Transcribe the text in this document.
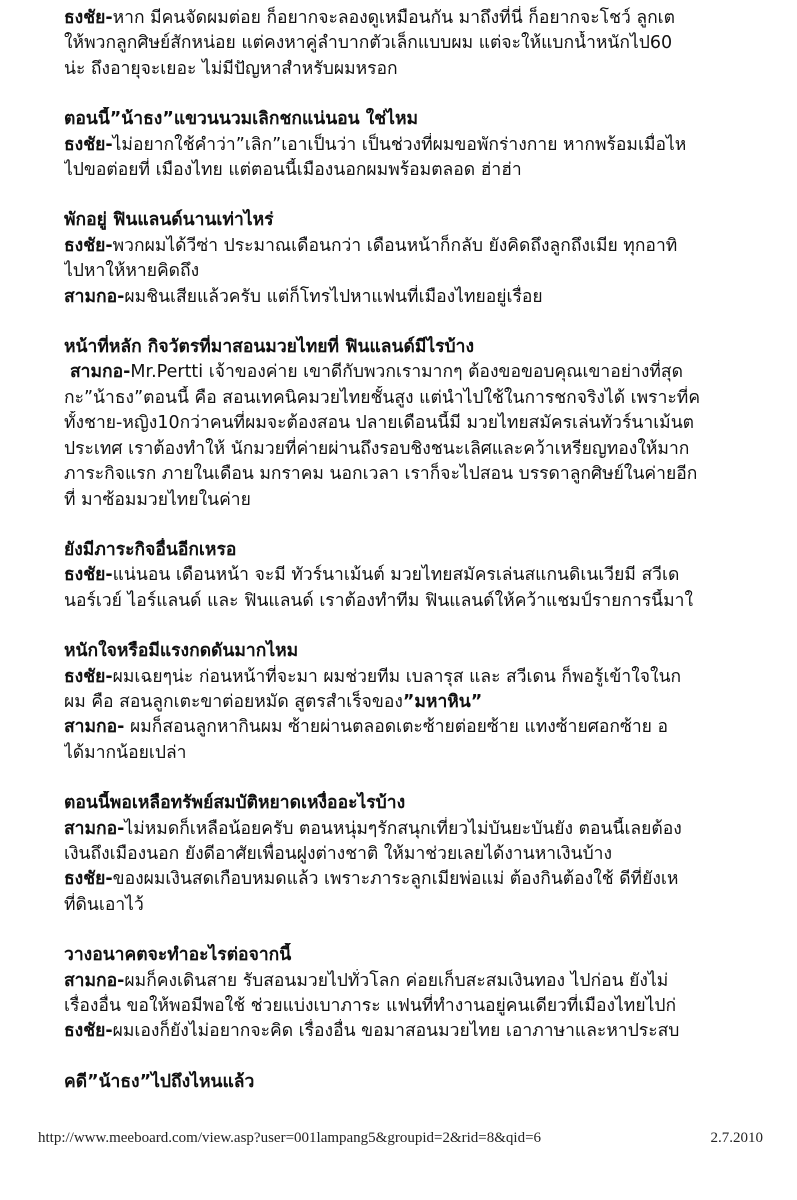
ธงชัย-หาก มีคนจัดผมต่อย ก็อยากจะลองดูเหมือนกัน มาถึงที่นี่ ก็อยากจะโชว์ ลูกเต
ให้พวกลูกศิษย์สักหน่อย แต่คงหาคู่ลำบากตัวเล็กแบบผม แต่จะให้แบกน้ำหนักไป60
น่ะ ถึงอายุจะเยอะ ไม่มีปัญหาสำหรับผมหรอก
ตอนนี้”น้าธง”แขวนนวมเลิกชกแน่นอน ใช่ไหม
ธงชัย-ไม่อยากใช้คำว่า”เลิก”เอาเป็นว่า เป็นช่วงที่ผมขอพักร่างกาย หากพร้อมเมื่อไห
ไปขอต่อยที่ เมืองไทย แต่ตอนนี้เมืองนอกผมพร้อมตลอด ฮ่าฮ่า
พักอยู่ ฟินแลนด์นานเท่าไหร่
ธงชัย-พวกผมได้วีซ่า ประมาณเดือนกว่า เดือนหน้าก็กลับ ยังคิดถึงลูกถึงเมีย ทุกอาทิ
ไปหาให้หายคิดถึง
สามกอ-ผมชินเสียแล้วครับ แต่ก็โทรไปหาแฟนที่เมืองไทยอยู่เรื่อย
หน้าที่หลัก กิจวัตรที่มาสอนมวยไทยที่ ฟินแลนด์มีไรบ้าง
สามกอ-Mr.Pertti เจ้าของค่าย เขาดีกับพวกเรามากๆ ต้องขอขอบคุณเขาอย่างที่สุด
กะ”น้าธง”ตอนนี้ คือ สอนเทคนิคมวยไทยชั้นสูง แต่นำไปใช้ในการชกจริงได้ เพราะที่ค
ทั้งชาย-หญิง10กว่าคนที่ผมจะต้องสอน ปลายเดือนนี้มี มวยไทยสมัครเล่นทัวร์นาเม้นต
ประเทศ เราต้องทำให้ นักมวยที่ค่ายผ่านถึงรอบชิงชนะเลิศและคว้าเหรียญทองให้มาก
ภาระกิจแรก ภายในเดือน มกราคม นอกเวลา เราก็จะไปสอน บรรดาลูกศิษย์ในค่ายอีก
ที่ มาซ้อมมวยไทยในค่าย
ยังมีภาระกิจอื่นอีกเหรอ
ธงชัย-แน่นอน เดือนหน้า จะมี ทัวร์นาเม้นต์ มวยไทยสมัครเล่นสแกนดิเนเวียมี สวีเด
นอร์เวย์ ไอร์แลนด์ และ ฟินแลนด์ เราต้องทำทีม ฟินแลนด์ให้คว้าแชมป์รายการนี้มาใ
หนักใจหรือมีแรงกดดันมากไหม
ธงชัย-ผมเฉยๆน่ะ ก่อนหน้าที่จะมา ผมช่วยทีม เบลารุส และ สวีเดน ก็พอรู้เข้าใจในก
ผม คือ สอนลูกเตะขาต่อยหมัด สูตรสำเร็จของ”มหาหิน”
สามกอ- ผมก็สอนลูกหากินผม ซ้ายผ่านตลอดเตะซ้ายต่อยซ้าย แทงซ้ายศอกซ้าย อ
ได้มากน้อยเปล่า
ตอนนี้พอเหลือทรัพย์สมบัติหยาดเหงื่ออะไรบ้าง
สามกอ-ไม่หมดก็เหลือน้อยครับ ตอนหนุ่มๆรักสนุกเที่ยวไม่บันยะบันยัง ตอนนี้เลยต้อง
เงินถึงเมืองนอก ยังดีอาศัยเพื่อนฝูงต่างชาติ ให้มาช่วยเลยได้งานหาเงินบ้าง
ธงชัย-ของผมเงินสดเกือบหมดแล้ว เพราะภาระลูกเมียพ่อแม่ ต้องกินต้องใช้ ดีที่ยังเห
ที่ดินเอาไว้
วางอนาคตจะทำอะไรต่อจากนี้
สามกอ-ผมก็คงเดินสาย รับสอนมวยไปทั่วโลก ค่อยเก็บสะสมเงินทอง ไปก่อน ยังไม่
เรื่องอื่น ขอให้พอมีพอใช้ ช่วยแบ่งเบาภาระ แฟนที่ทำงานอยู่คนเดียวที่เมืองไทยไปก่
ธงชัย-ผมเองก็ยังไม่อยากจะคิด เรื่องอื่น ขอมาสอนมวยไทย เอาภาษาและหาประสบ
คดี”น้าธง”ไปถึงไหนแล้ว
http://www.meeboard.com/view.asp?user=001lampang5&groupid=2&rid=8&qid=6	2.7.2010
